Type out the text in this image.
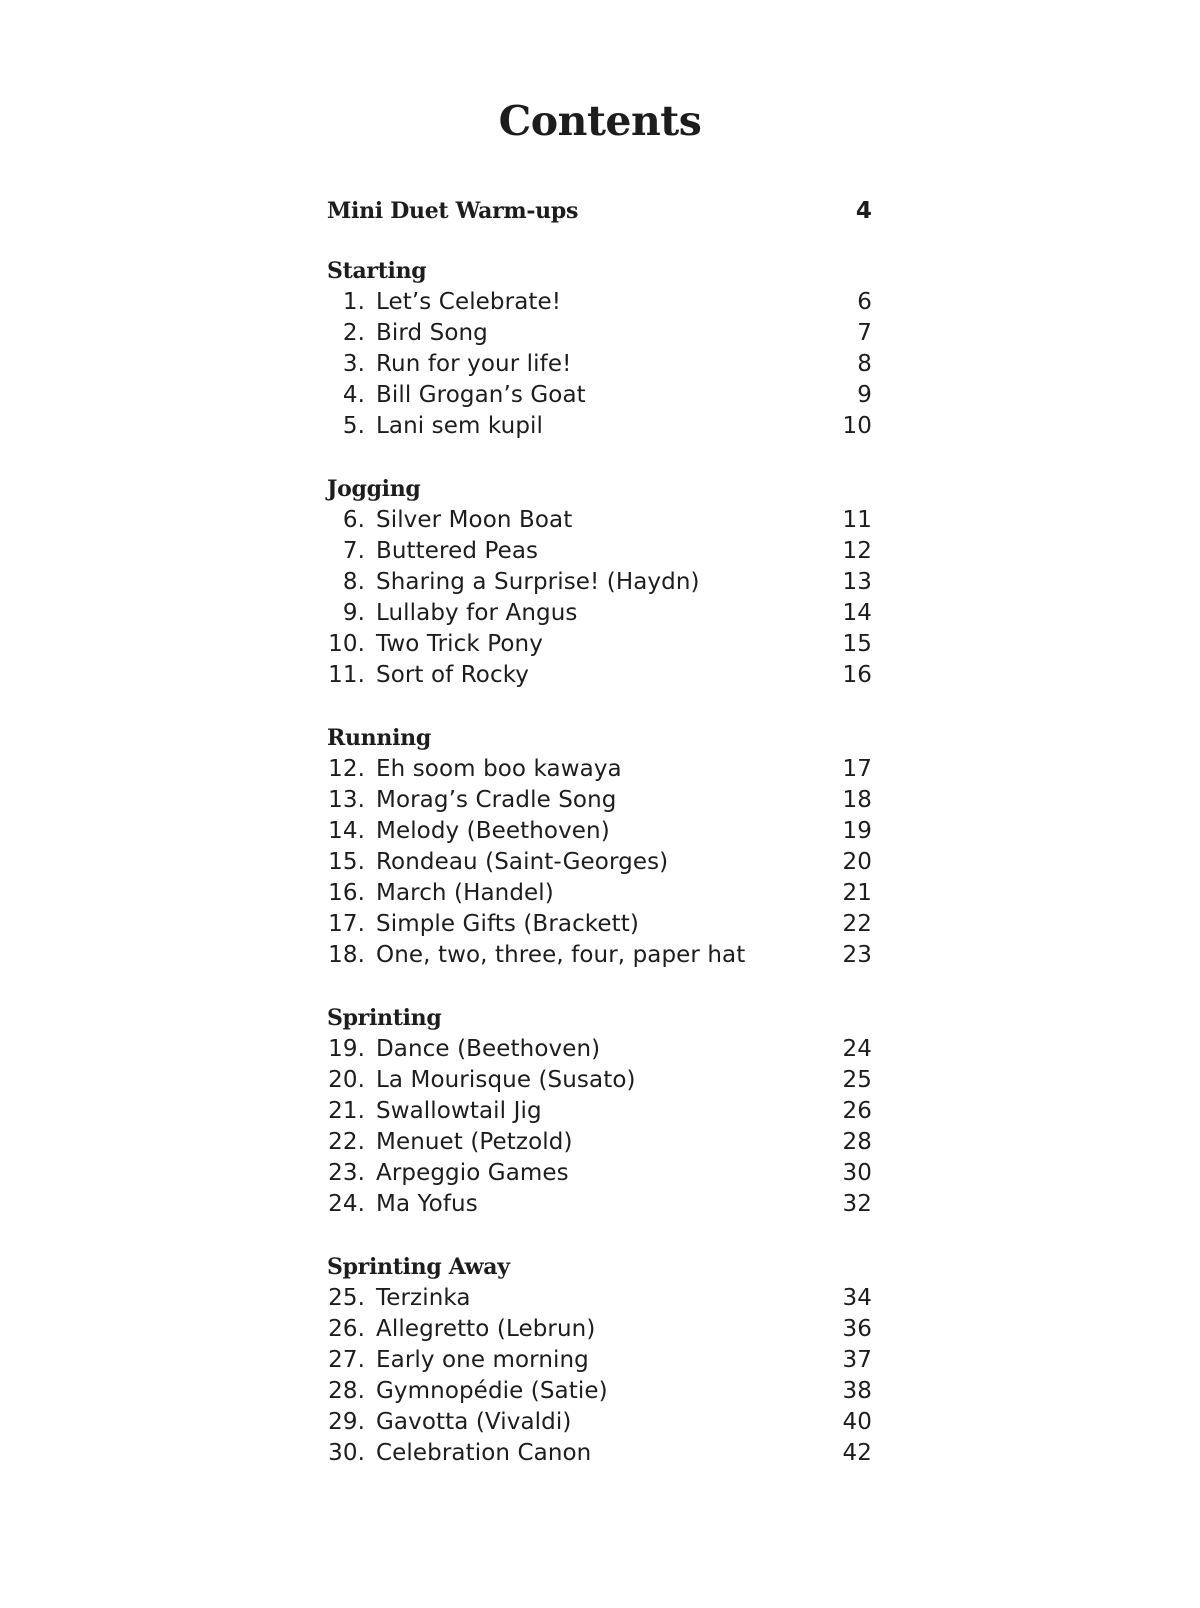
Contents
Mini Duet Warm-ups	4
Starting
1. Let’s Celebrate!	6
2. Bird Song	7
3. Run for your life!	8
4. Bill Grogan’s Goat	9
5. Lani sem kupil	10
Jogging
6. Silver Moon Boat	11
7. Buttered Peas	12
8. Sharing a Surprise! (Haydn)	13
9. Lullaby for Angus	14
10. Two Trick Pony	15
11. Sort of Rocky	16
Running
12. Eh soom boo kawaya	17
13. Morag’s Cradle Song	18
14. Melody (Beethoven)	19
15. Rondeau (Saint-Georges)	20
16. March (Handel)	21
17. Simple Gifts (Brackett)	22
18. One, two, three, four, paper hat	23
Sprinting
19. Dance (Beethoven)	24
20. La Mourisque (Susato)	25
21. Swallowtail Jig	26
22. Menuet (Petzold)	28
23. Arpeggio Games	30
24. Ma Yofus	32
Sprinting Away
25. Terzinka	34
26. Allegretto (Lebrun)	36
27. Early one morning	37
28. Gymnopédie (Satie)	38
29. Gavotta (Vivaldi)	40
30. Celebration Canon	42
